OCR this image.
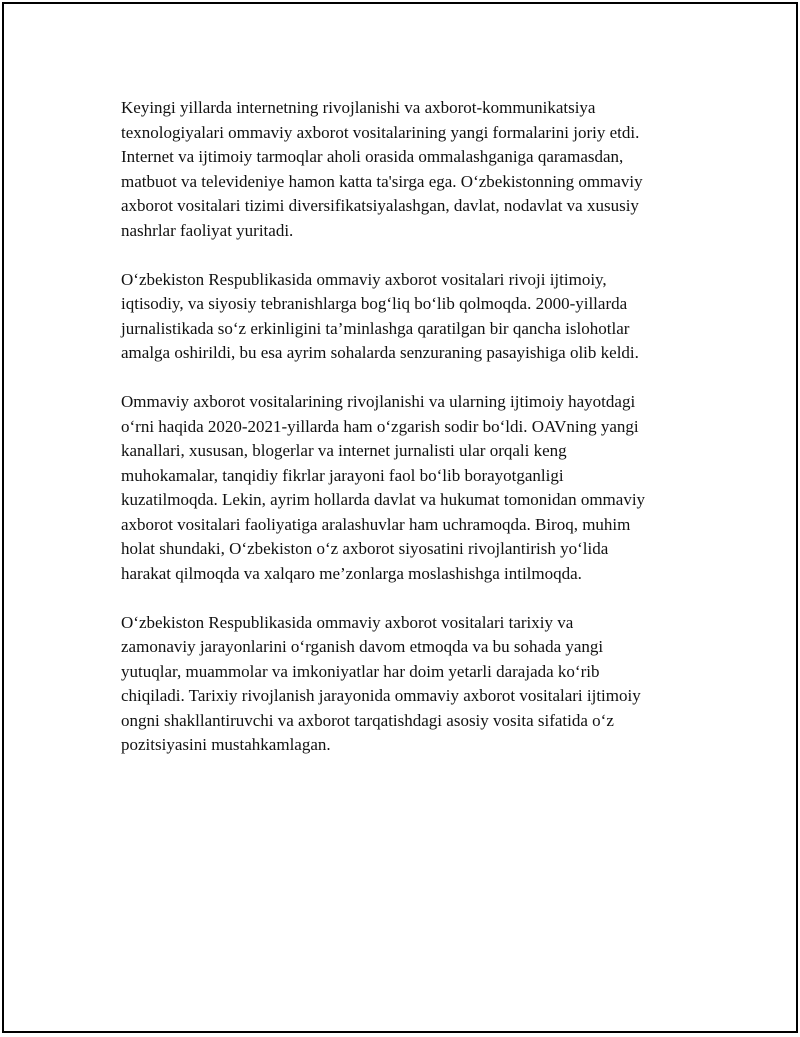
Keyingi yillarda internetning rivojlanishi va axborot-kommunikatsiya
texnologiyalari ommaviy axborot vositalarining yangi formalarini joriy etdi.
Internet va ijtimoiy tarmoqlar aholi orasida ommalashganiga qaramasdan,
matbuot va televideniye hamon katta ta'sirga ega. O‘zbekistonning ommaviy
axborot vositalari tizimi diversifikatsiyalashgan, davlat, nodavlat va xususiy
nashrlar faoliyat yuritadi.

O‘zbekiston Respublikasida ommaviy axborot vositalari rivoji ijtimoiy,
iqtisodiy, va siyosiy tebranishlarga bog‘liq bo‘lib qolmoqda. 2000-yillarda
jurnalistikada so‘z erkinligini ta’minlashga qaratilgan bir qancha islohotlar
amalga oshirildi, bu esa ayrim sohalarda senzuraning pasayishiga olib keldi.

Ommaviy axborot vositalarining rivojlanishi va ularning ijtimoiy hayotdagi
o‘rni haqida 2020-2021-yillarda ham o‘zgarish sodir bo‘ldi. OAVning yangi
kanallari, xususan, blogerlar va internet jurnalisti ular orqali keng
muhokamalar, tanqidiy fikrlar jarayoni faol bo‘lib borayotganligi
kuzatilmoqda. Lekin, ayrim hollarda davlat va hukumat tomonidan ommaviy
axborot vositalari faoliyatiga aralashuvlar ham uchramoqda. Biroq, muhim
holat shundaki, O‘zbekiston o‘z axborot siyosatini rivojlantirish yo‘lida
harakat qilmoqda va xalqaro me’zonlarga moslashishga intilmoqda.

O‘zbekiston Respublikasida ommaviy axborot vositalari tarixiy va
zamonaviy jarayonlarini o‘rganish davom etmoqda va bu sohada yangi
yutuqlar, muammolar va imkoniyatlar har doim yetarli darajada ko‘rib
chiqiladi. Tarixiy rivojlanish jarayonida ommaviy axborot vositalari ijtimoiy
ongni shakllantiruvchi va axborot tarqatishdagi asosiy vosita sifatida o‘z
pozitsiyasini mustahkamlagan.
